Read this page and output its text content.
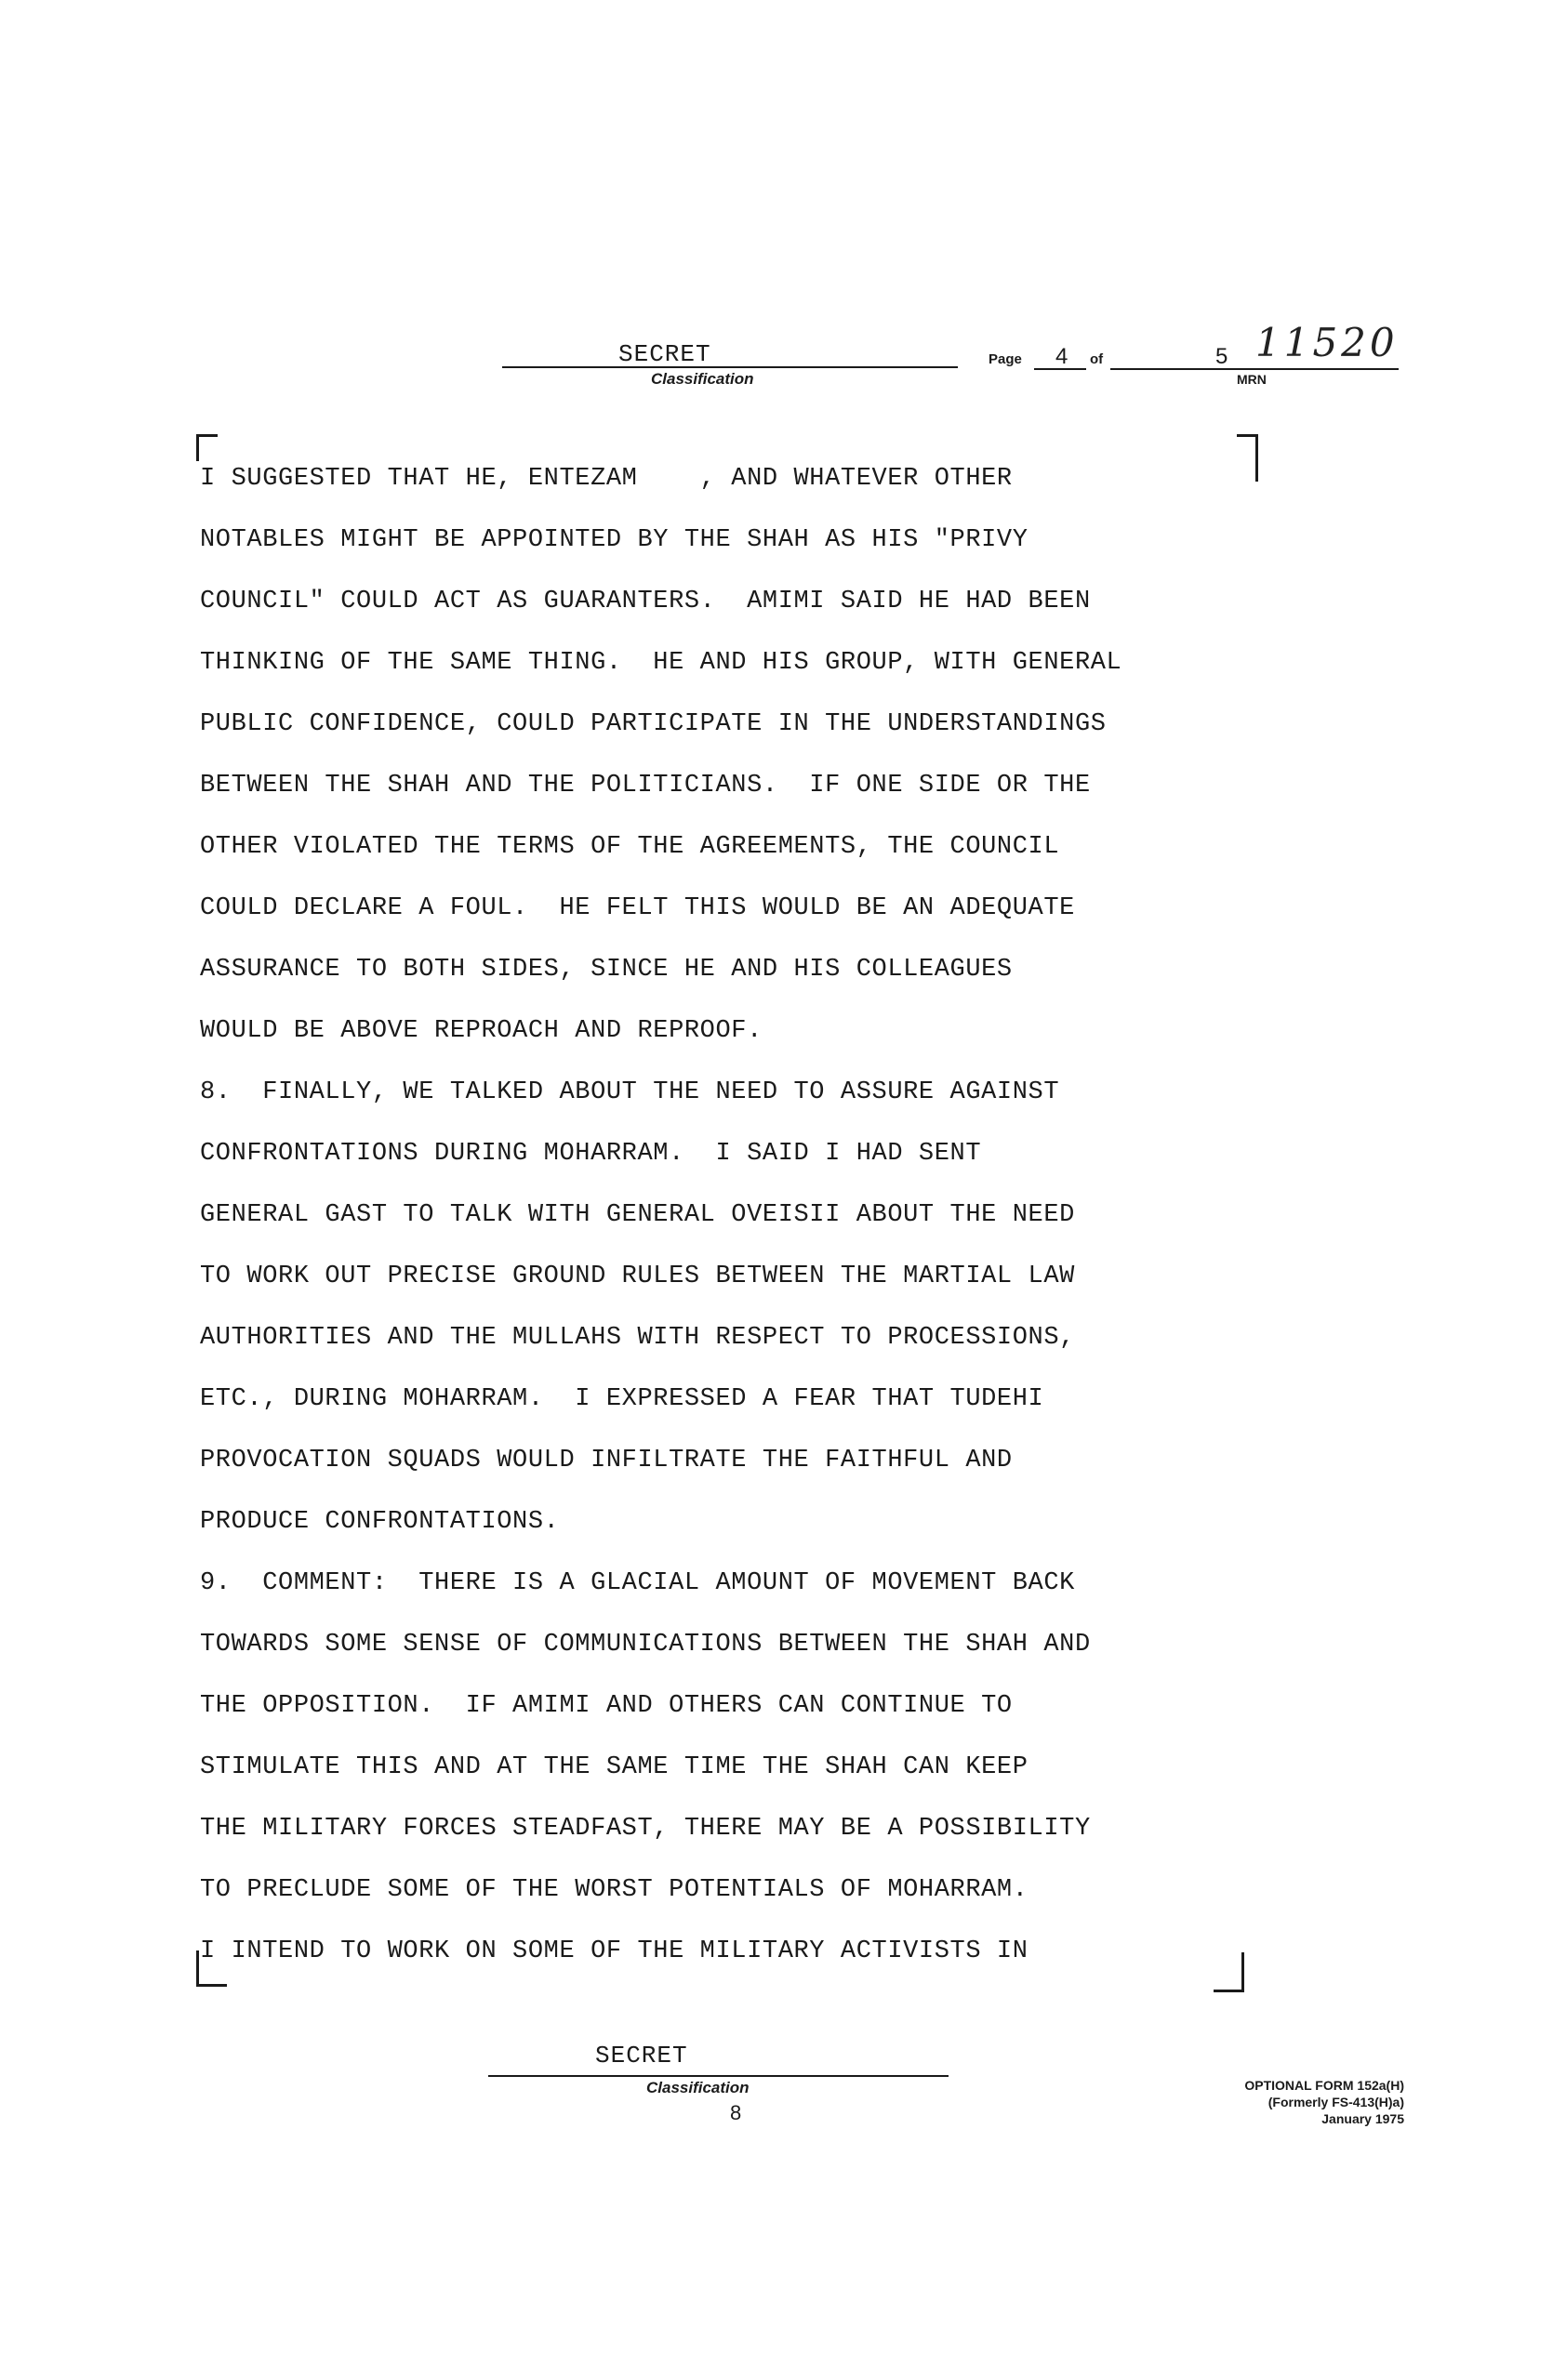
SECRET
Classification
Page 4 of	5
MRN
11520
I SUGGESTED THAT HE, ENTEZAM    , AND WHATEVER OTHER
NOTABLES MIGHT BE APPOINTED BY THE SHAH AS HIS "PRIVY
COUNCIL" COULD ACT AS GUARANTERS.  AMIMI SAID HE HAD BEEN
THINKING OF THE SAME THING.  HE AND HIS GROUP, WITH GENERAL
PUBLIC CONFIDENCE, COULD PARTICIPATE IN THE UNDERSTANDINGS
BETWEEN THE SHAH AND THE POLITICIANS.  IF ONE SIDE OR THE
OTHER VIOLATED THE TERMS OF THE AGREEMENTS, THE COUNCIL
COULD DECLARE A FOUL.  HE FELT THIS WOULD BE AN ADEQUATE
ASSURANCE TO BOTH SIDES, SINCE HE AND HIS COLLEAGUES
WOULD BE ABOVE REPROACH AND REPROOF.
8.  FINALLY, WE TALKED ABOUT THE NEED TO ASSURE AGAINST
CONFRONTATIONS DURING MOHARRAM.  I SAID I HAD SENT
GENERAL GAST TO TALK WITH GENERAL OVEISII ABOUT THE NEED
TO WORK OUT PRECISE GROUND RULES BETWEEN THE MARTIAL LAW
AUTHORITIES AND THE MULLAHS WITH RESPECT TO PROCESSIONS,
ETC., DURING MOHARRAM.  I EXPRESSED A FEAR THAT TUDEHI
PROVOCATION SQUADS WOULD INFILTRATE THE FAITHFUL AND
PRODUCE CONFRONTATIONS.
9.  COMMENT:  THERE IS A GLACIAL AMOUNT OF MOVEMENT BACK
TOWARDS SOME SENSE OF COMMUNICATIONS BETWEEN THE SHAH AND
THE OPPOSITION.  IF AMIMI AND OTHERS CAN CONTINUE TO
STIMULATE THIS AND AT THE SAME TIME THE SHAH CAN KEEP
THE MILITARY FORCES STEADFAST, THERE MAY BE A POSSIBILITY
TO PRECLUDE SOME OF THE WORST POTENTIALS OF MOHARRAM.
I INTEND TO WORK ON SOME OF THE MILITARY ACTIVISTS IN
SECRET
Classification
8
OPTIONAL FORM 152a(H)
(Formerly FS-413(H)a)
January 1975
